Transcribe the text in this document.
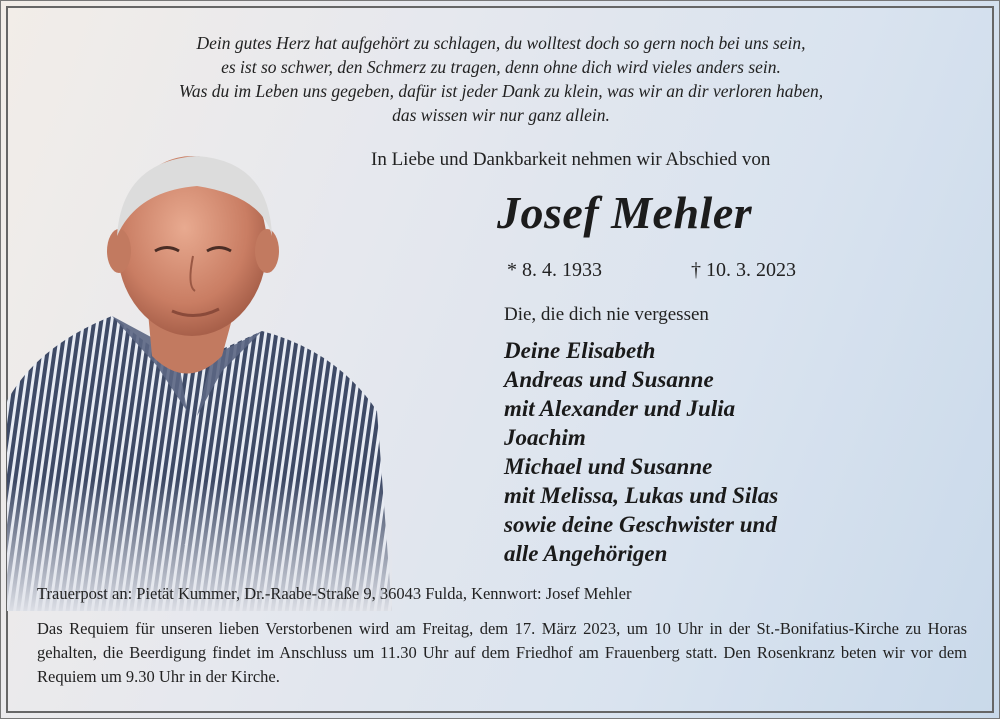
Dein gutes Herz hat aufgehört zu schlagen, du wolltest doch so gern noch bei uns sein,
es ist so schwer, den Schmerz zu tragen, denn ohne dich wird vieles anders sein.
Was du im Leben uns gegeben, dafür ist jeder Dank zu klein, was wir an dir verloren haben,
das wissen wir nur ganz allein.
In Liebe und Dankbarkeit nehmen wir Abschied von
Josef Mehler
* 8. 4. 1933	† 10. 3. 2023
Die, die dich nie vergessen
Deine Elisabeth
Andreas und Susanne
mit Alexander und Julia
Joachim
Michael und Susanne
mit Melissa, Lukas und Silas
sowie deine Geschwister und
alle Angehörigen
Trauerpost an: Pietät Kummer, Dr.-Raabe-Straße 9, 36043 Fulda, Kennwort: Josef Mehler
Das Requiem für unseren lieben Verstorbenen wird am Freitag, dem 17. März 2023, um 10 Uhr in der St.-Bonifatius-Kirche zu Horas gehalten, die Beerdigung findet im Anschluss um 11.30 Uhr auf dem Friedhof am Frauenberg statt. Den Rosenkranz beten wir vor dem Requiem um 9.30 Uhr in der Kirche.
